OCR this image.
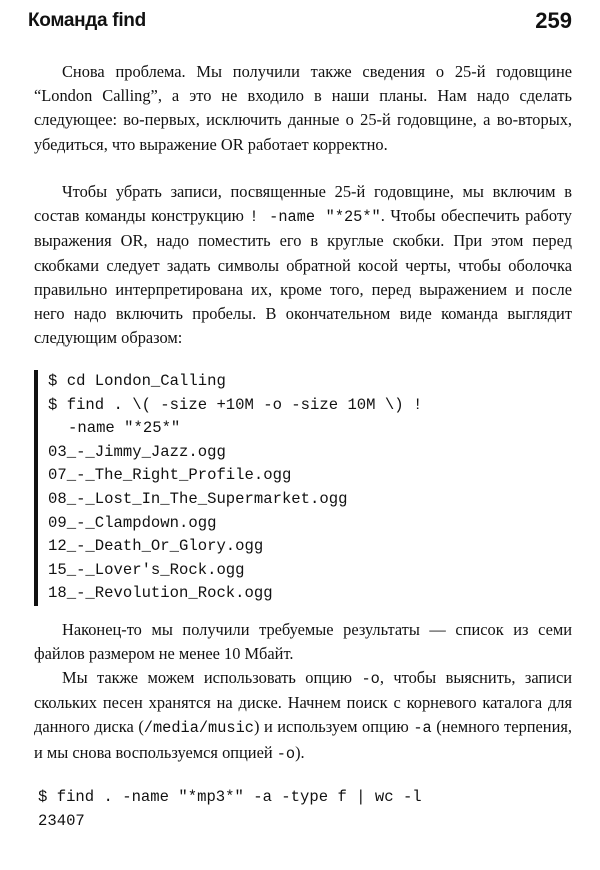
Команда find	259

Снова проблема. Мы получили также сведения о 25-й годовщине “London Calling”, а это не входило в наши планы. Нам надо сделать следующее: во-первых, исключить данные о 25-й годовщине, а во-вторых, убедиться, что выражение OR работает корректно.

Чтобы убрать записи, посвященные 25-й годовщине, мы включим в состав команды конструкцию ! -name "*25*". Чтобы обеспечить работу выражения OR, надо поместить его в круглые скобки. При этом перед скобками следует задать символы обратной косой черты, чтобы оболочка правильно интерпретирована их, кроме того, перед выражением и после него надо включить пробелы. В окончательном виде команда выглядит следующим образом:

$ cd London_Calling
$ find . \( -size +10M -o -size 10M \) !
-name "*25*"
03_-_Jimmy_Jazz.ogg
07_-_The_Right_Profile.ogg
08_-_Lost_In_The_Supermarket.ogg
09_-_Clampdown.ogg
12_-_Death_Or_Glory.ogg
15_-_Lover's_Rock.ogg
18_-_Revolution_Rock.ogg

Наконец-то мы получили требуемые результаты — список из семи файлов размером не менее 10 Мбайт.

Мы также можем использовать опцию -o, чтобы выяснить, записи скольких песен хранятся на диске. Начнем поиск с корневого каталога для данного диска (/media/music) и используем опцию -a (немного терпения, и мы снова воспользуемся опцией -o).

$ find . -name "*mp3*" -a -type f | wc -l
23407
